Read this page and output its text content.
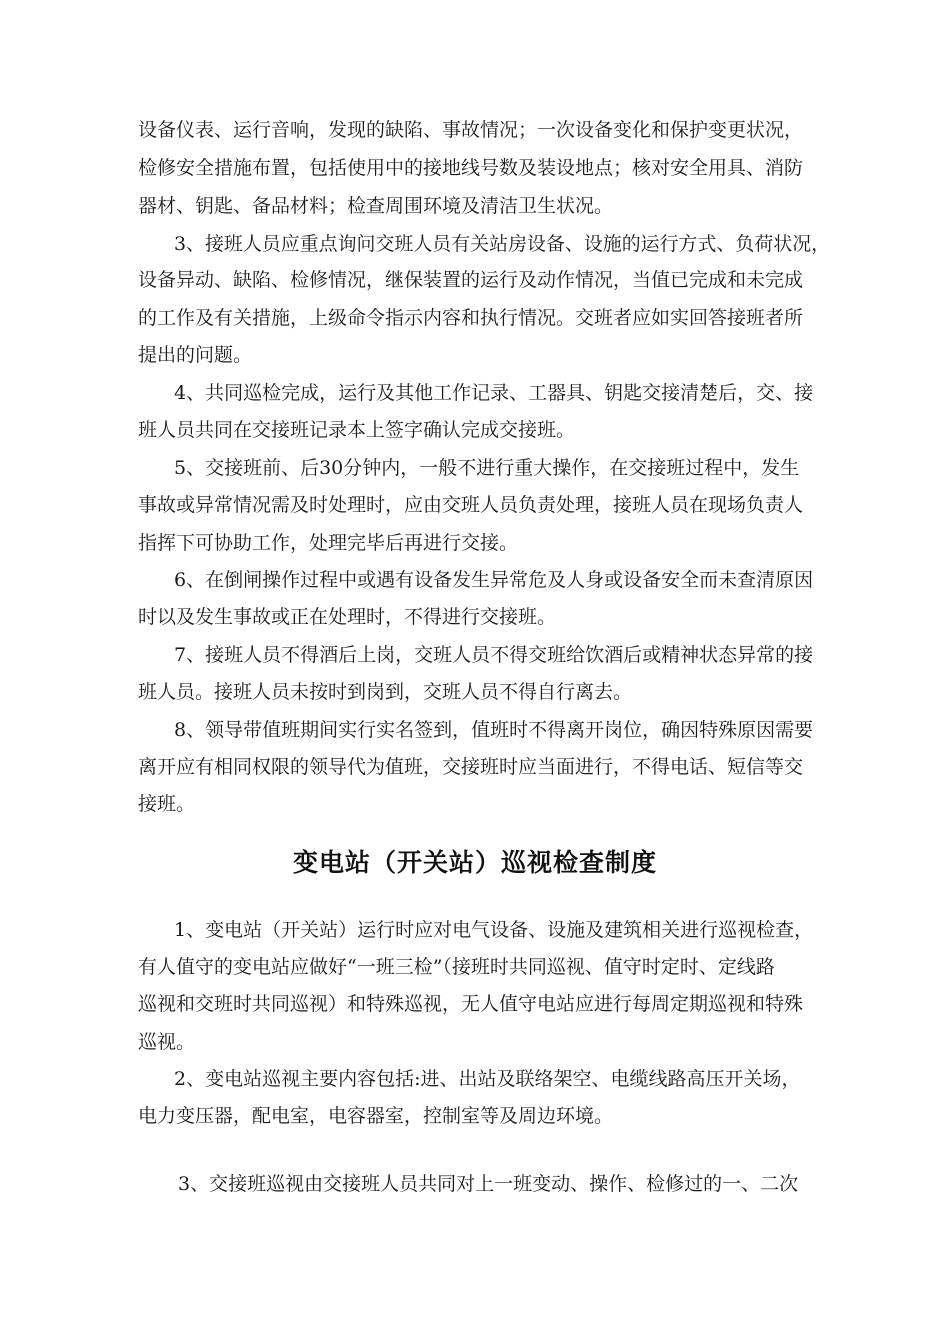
设备仪表、运行音响，发现的缺陷、事故情况；一次设备变化和保护变更状况，
检修安全措施布置，包括使用中的接地线号数及装设地点；核对安全用具、消防
器材、钥匙、备品材料；检查周围环境及清洁卫生状况。
3、接班人员应重点询问交班人员有关站房设备、设施的运行方式、负荷状况，
设备异动、缺陷、检修情况，继保装置的运行及动作情况，当值已完成和未完成
的工作及有关措施，上级命令指示内容和执行情况。交班者应如实回答接班者所
提出的问题。
4、共同巡检完成，运行及其他工作记录、工器具、钥匙交接清楚后，交、接
班人员共同在交接班记录本上签字确认完成交接班。
5、交接班前、后30分钟内，一般不进行重大操作，在交接班过程中，发生
事故或异常情况需及时处理时，应由交班人员负责处理，接班人员在现场负责人
指挥下可协助工作，处理完毕后再进行交接。
6、在倒闸操作过程中或遇有设备发生异常危及人身或设备安全而未查清原因
时以及发生事故或正在处理时，不得进行交接班。
7、接班人员不得酒后上岗，交班人员不得交班给饮酒后或精神状态异常的接
班人员。接班人员未按时到岗到，交班人员不得自行离去。
8、领导带值班期间实行实名签到，值班时不得离开岗位，确因特殊原因需要
离开应有相同权限的领导代为值班，交接班时应当面进行，不得电话、短信等交
接班。
变电站（开关站）巡视检查制度
1、变电站（开关站）运行时应对电气设备、设施及建筑相关进行巡视检查，
有人值守的变电站应做好“一班三检”（接班时共同巡视、值守时定时、定线路
巡视和交班时共同巡视）和特殊巡视，无人值守电站应进行每周定期巡视和特殊
巡视。
2、变电站巡视主要内容包括:进、出站及联络架空、电缆线路高压开关场，
电力变压器，配电室，电容器室，控制室等及周边环境。
3、交接班巡视由交接班人员共同对上一班变动、操作、检修过的一、二次
